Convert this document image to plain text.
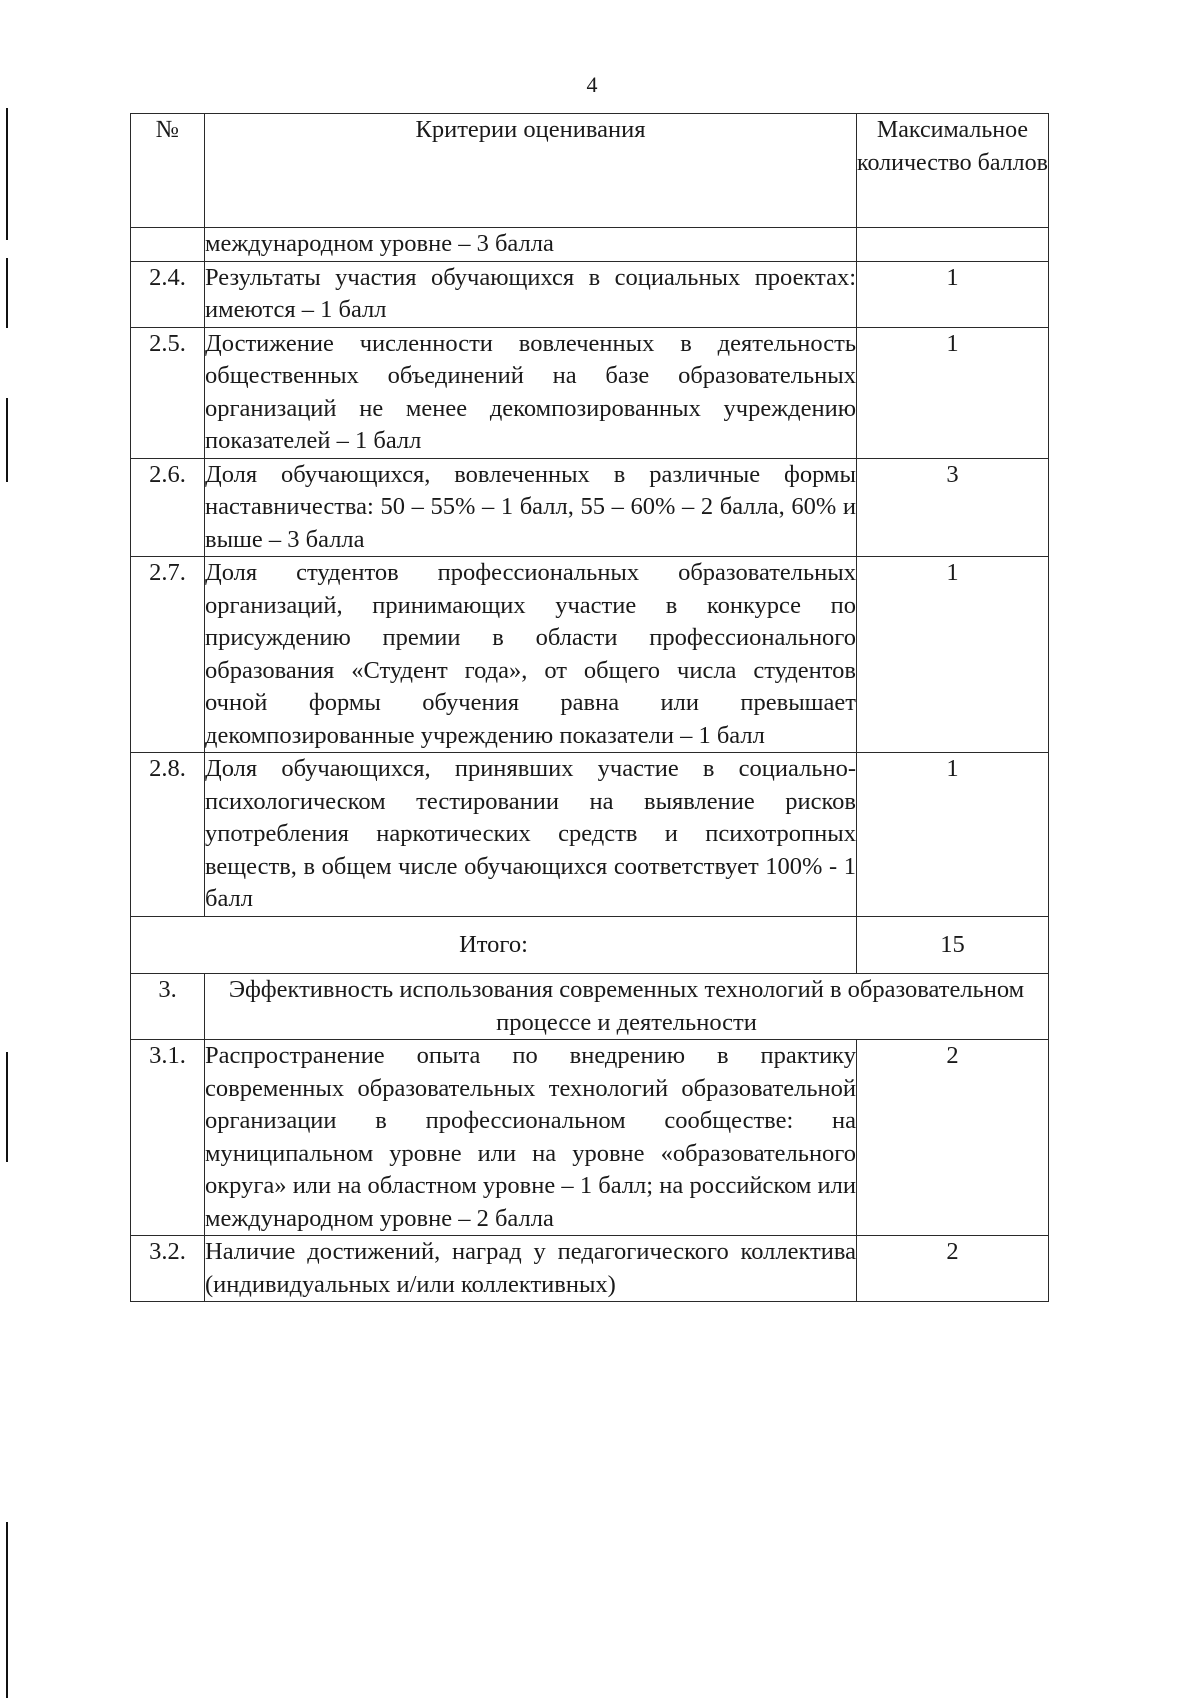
4
№	Критерии оценивания	Максимальное количество баллов
	международном уровне – 3 балла	
2.4.	Результаты участия обучающихся в социальных проектах: имеются – 1 балл	1
2.5.	Достижение численности вовлеченных в деятельность общественных объединений на базе образовательных организаций не менее декомпозированных учреждению показателей – 1 балл	1
2.6.	Доля обучающихся, вовлеченных в различные формы наставничества: 50 – 55% – 1 балл, 55 – 60% – 2 балла, 60% и выше – 3 балла	3
2.7.	Доля студентов профессиональных образовательных организаций, принимающих участие в конкурсе по присуждению премии в области профессионального образования «Студент года», от общего числа студентов очной формы обучения равна или превышает декомпозированные учреждению показатели – 1 балл	1
2.8.	Доля обучающихся, принявших участие в социально-психологическом тестировании на выявление рисков употребления наркотических средств и психотропных веществ, в общем числе обучающихся соответствует 100% - 1 балл	1
Итого:		15
3.	Эффективность использования современных технологий в образовательном процессе и деятельности	
3.1.	Распространение опыта по внедрению в практику современных образовательных технологий образовательной организации в профессиональном сообществе: на муниципальном уровне или на уровне «образовательного округа» или на областном уровне – 1 балл; на российском или международном уровне – 2 балла	2
3.2.	Наличие достижений, наград у педагогического коллектива (индивидуальных и/или коллективных)	2
